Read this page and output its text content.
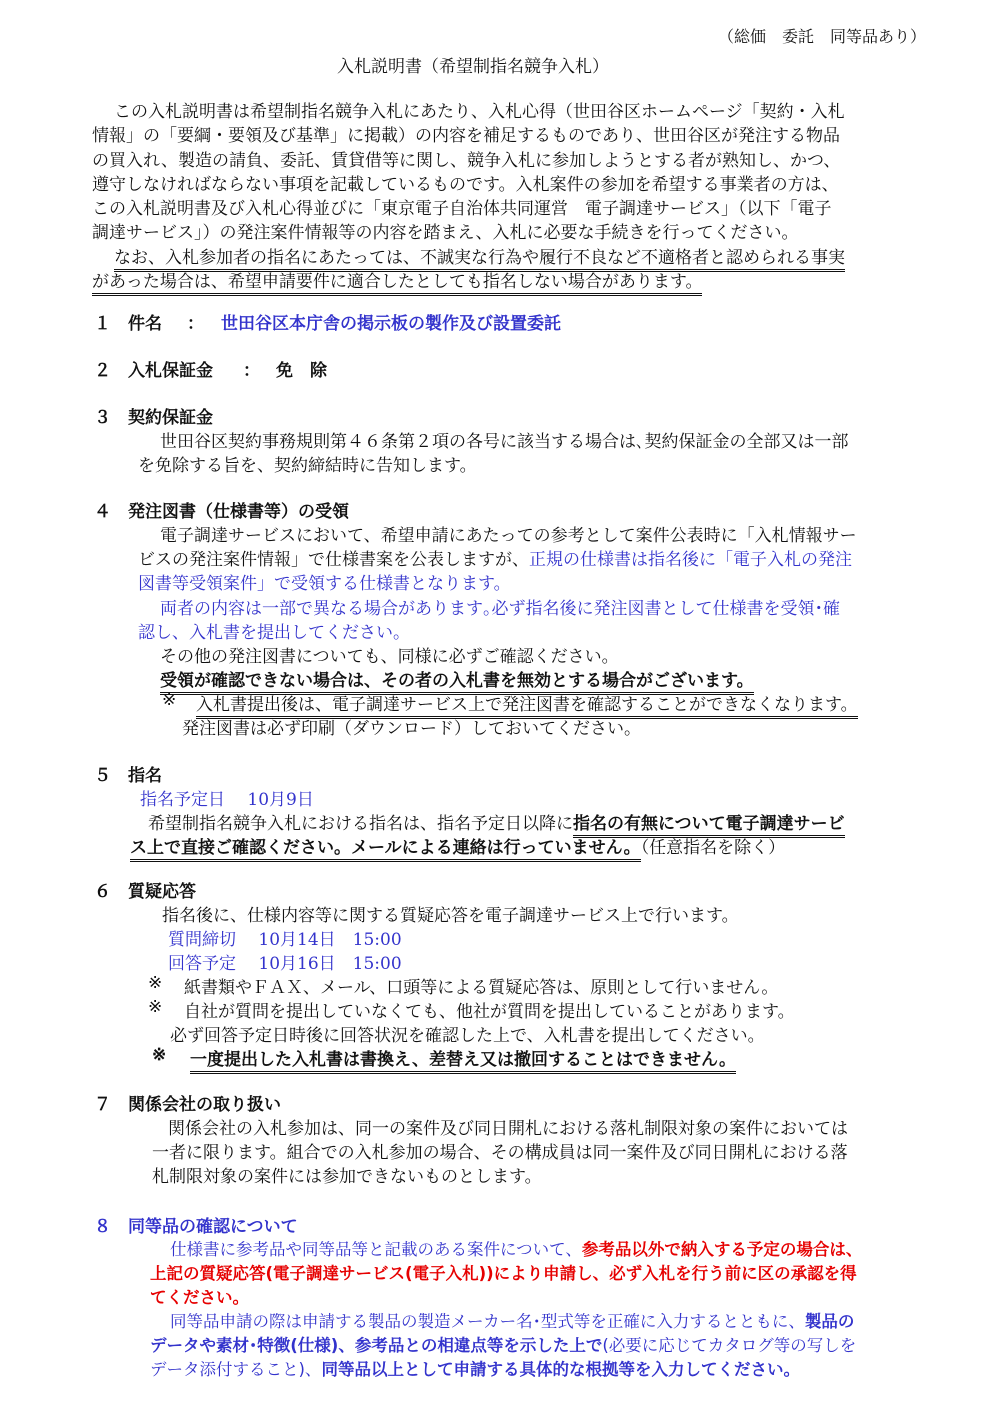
（総価　委託　同等品あり）
入札説明書（希望制指名競争入札）
この入札説明書は希望制指名競争入札にあたり、入札心得（世田谷区ホームページ「契約・入札
情報」の「要綱・要領及び基準」に掲載）の内容を補足するものであり、世田谷区が発注する物品
の買入れ、製造の請負、委託、賃貸借等に関し、競争入札に参加しようとする者が熟知し、かつ、
遵守しなければならない事項を記載しているものです。入札案件の参加を希望する事業者の方は、
この入札説明書及び入札心得並びに「東京電子自治体共同運営　電子調達サービス」（以下「電子
調達サービス」）の発注案件情報等の内容を踏まえ、入札に必要な手続きを行ってください。
なお、入札参加者の指名にあたっては、不誠実な行為や履行不良など不適格者と認められる事実
があった場合は、希望申請要件に適合したとしても指名しない場合があります。
１ 件名 ： 世田谷区本庁舎の掲示板の製作及び設置委託
２ 入札保証金 ： 免　除
３ 契約保証金
世田谷区契約事務規則第４６条第２項の各号に該当する場合は､契約保証金の全部又は一部
を免除する旨を、契約締結時に告知します。
４ 発注図書（仕様書等）の受領
電子調達サービスにおいて、希望申請にあたっての参考として案件公表時に「入札情報サー
ビスの発注案件情報」で仕様書案を公表しますが、正規の仕様書は指名後に「電子入札の発注
図書等受領案件」で受領する仕様書となります。
両者の内容は一部で異なる場合があります｡必ず指名後に発注図書として仕様書を受領･確
認し、入札書を提出してください。
その他の発注図書についても、同様に必ずご確認ください。
受領が確認できない場合は、その者の入札書を無効とする場合がございます。
※ 入札書提出後は、電子調達サービス上で発注図書を確認することができなくなります。
発注図書は必ず印刷（ダウンロード）しておいてください。
５ 指名
指名予定日　 10月9日
希望制指名競争入札における指名は、指名予定日以降に指名の有無について電子調達サービ
ス上で直接ご確認ください。メールによる連絡は行っていません。（任意指名を除く）
６ 質疑応答
指名後に、仕様内容等に関する質疑応答を電子調達サービス上で行います。
質問締切　 10月14日　15:00
回答予定　 10月16日　15:00
※ 紙書類やＦＡＸ、メール、口頭等による質疑応答は、原則として行いません。
※ 自社が質問を提出していなくても、他社が質問を提出していることがあります。
必ず回答予定日時後に回答状況を確認した上で、入札書を提出してください。
※ 一度提出した入札書は書換え、差替え又は撤回することはできません。
７ 関係会社の取り扱い
関係会社の入札参加は、同一の案件及び同日開札における落札制限対象の案件においては
一者に限ります。組合での入札参加の場合、その構成員は同一案件及び同日開札における落
札制限対象の案件には参加できないものとします。
８ 同等品の確認について
仕様書に参考品や同等品等と記載のある案件について、参考品以外で納入する予定の場合は、
上記の質疑応答(電子調達サービス(電子入札))により申請し、必ず入札を行う前に区の承認を得
てください。
同等品申請の際は申請する製品の製造メーカー名･型式等を正確に入力するとともに、製品の
データや素材･特徴(仕様)、参考品との相違点等を示した上で(必要に応じてカタログ等の写しを
データ添付すること)、同等品以上として申請する具体的な根拠等を入力してください。
